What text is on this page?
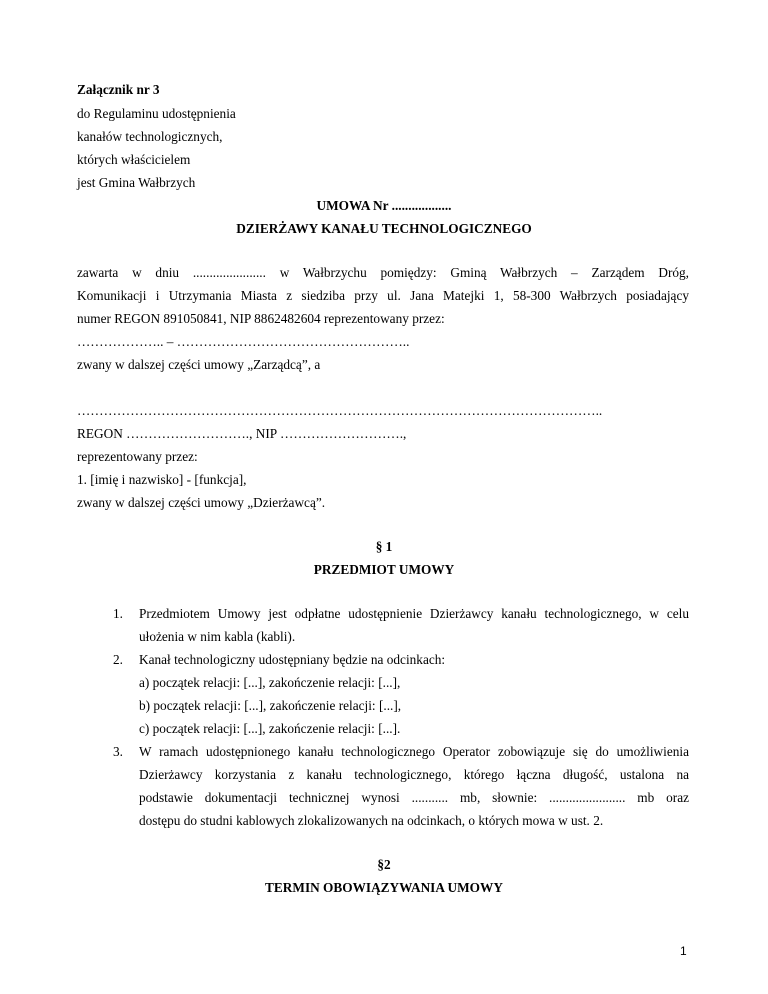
Załącznik nr 3
do Regulaminu udostępnienia
kanałów technologicznych,
których właścicielem
jest Gmina Wałbrzych
UMOWA Nr ..................
DZIERŻAWY KANAŁU TECHNOLOGICZNEGO
zawarta w dniu ...................... w Wałbrzychu pomiędzy: Gminą Wałbrzych – Zarządem Dróg,
Komunikacji i Utrzymania Miasta z siedziba przy ul. Jana Matejki 1, 58-300 Wałbrzych posiadający
numer REGON 891050841, NIP 8862482604 reprezentowany przez:
……………….. – ……………………………………………..
zwany w dalszej części umowy „Zarządcą”, a
………………………………………………………………………………………………………..
REGON ………………………., NIP ……………………….,
reprezentowany przez:
1. [imię i nazwisko] - [funkcja],
zwany w dalszej części umowy „Dzierżawcą”.
§ 1
PRZEDMIOT UMOWY
1. Przedmiotem Umowy jest odpłatne udostępnienie Dzierżawcy kanału technologicznego, w celu
ułożenia w nim kabla (kabli).
2. Kanał technologiczny udostępniany będzie na odcinkach:
a) początek relacji: [...], zakończenie relacji: [...],
b) początek relacji: [...], zakończenie relacji: [...],
c) początek relacji: [...], zakończenie relacji: [...].
3. W ramach udostępnionego kanału technologicznego Operator zobowiązuje się do umożliwienia
Dzierżawcy korzystania z kanału technologicznego, którego łączna długość, ustalona na
podstawie dokumentacji technicznej wynosi ........... mb, słownie: ....................... mb oraz
dostępu do studni kablowych zlokalizowanych na odcinkach, o których mowa w ust. 2.
§2
TERMIN OBOWIĄZYWANIA UMOWY
1
